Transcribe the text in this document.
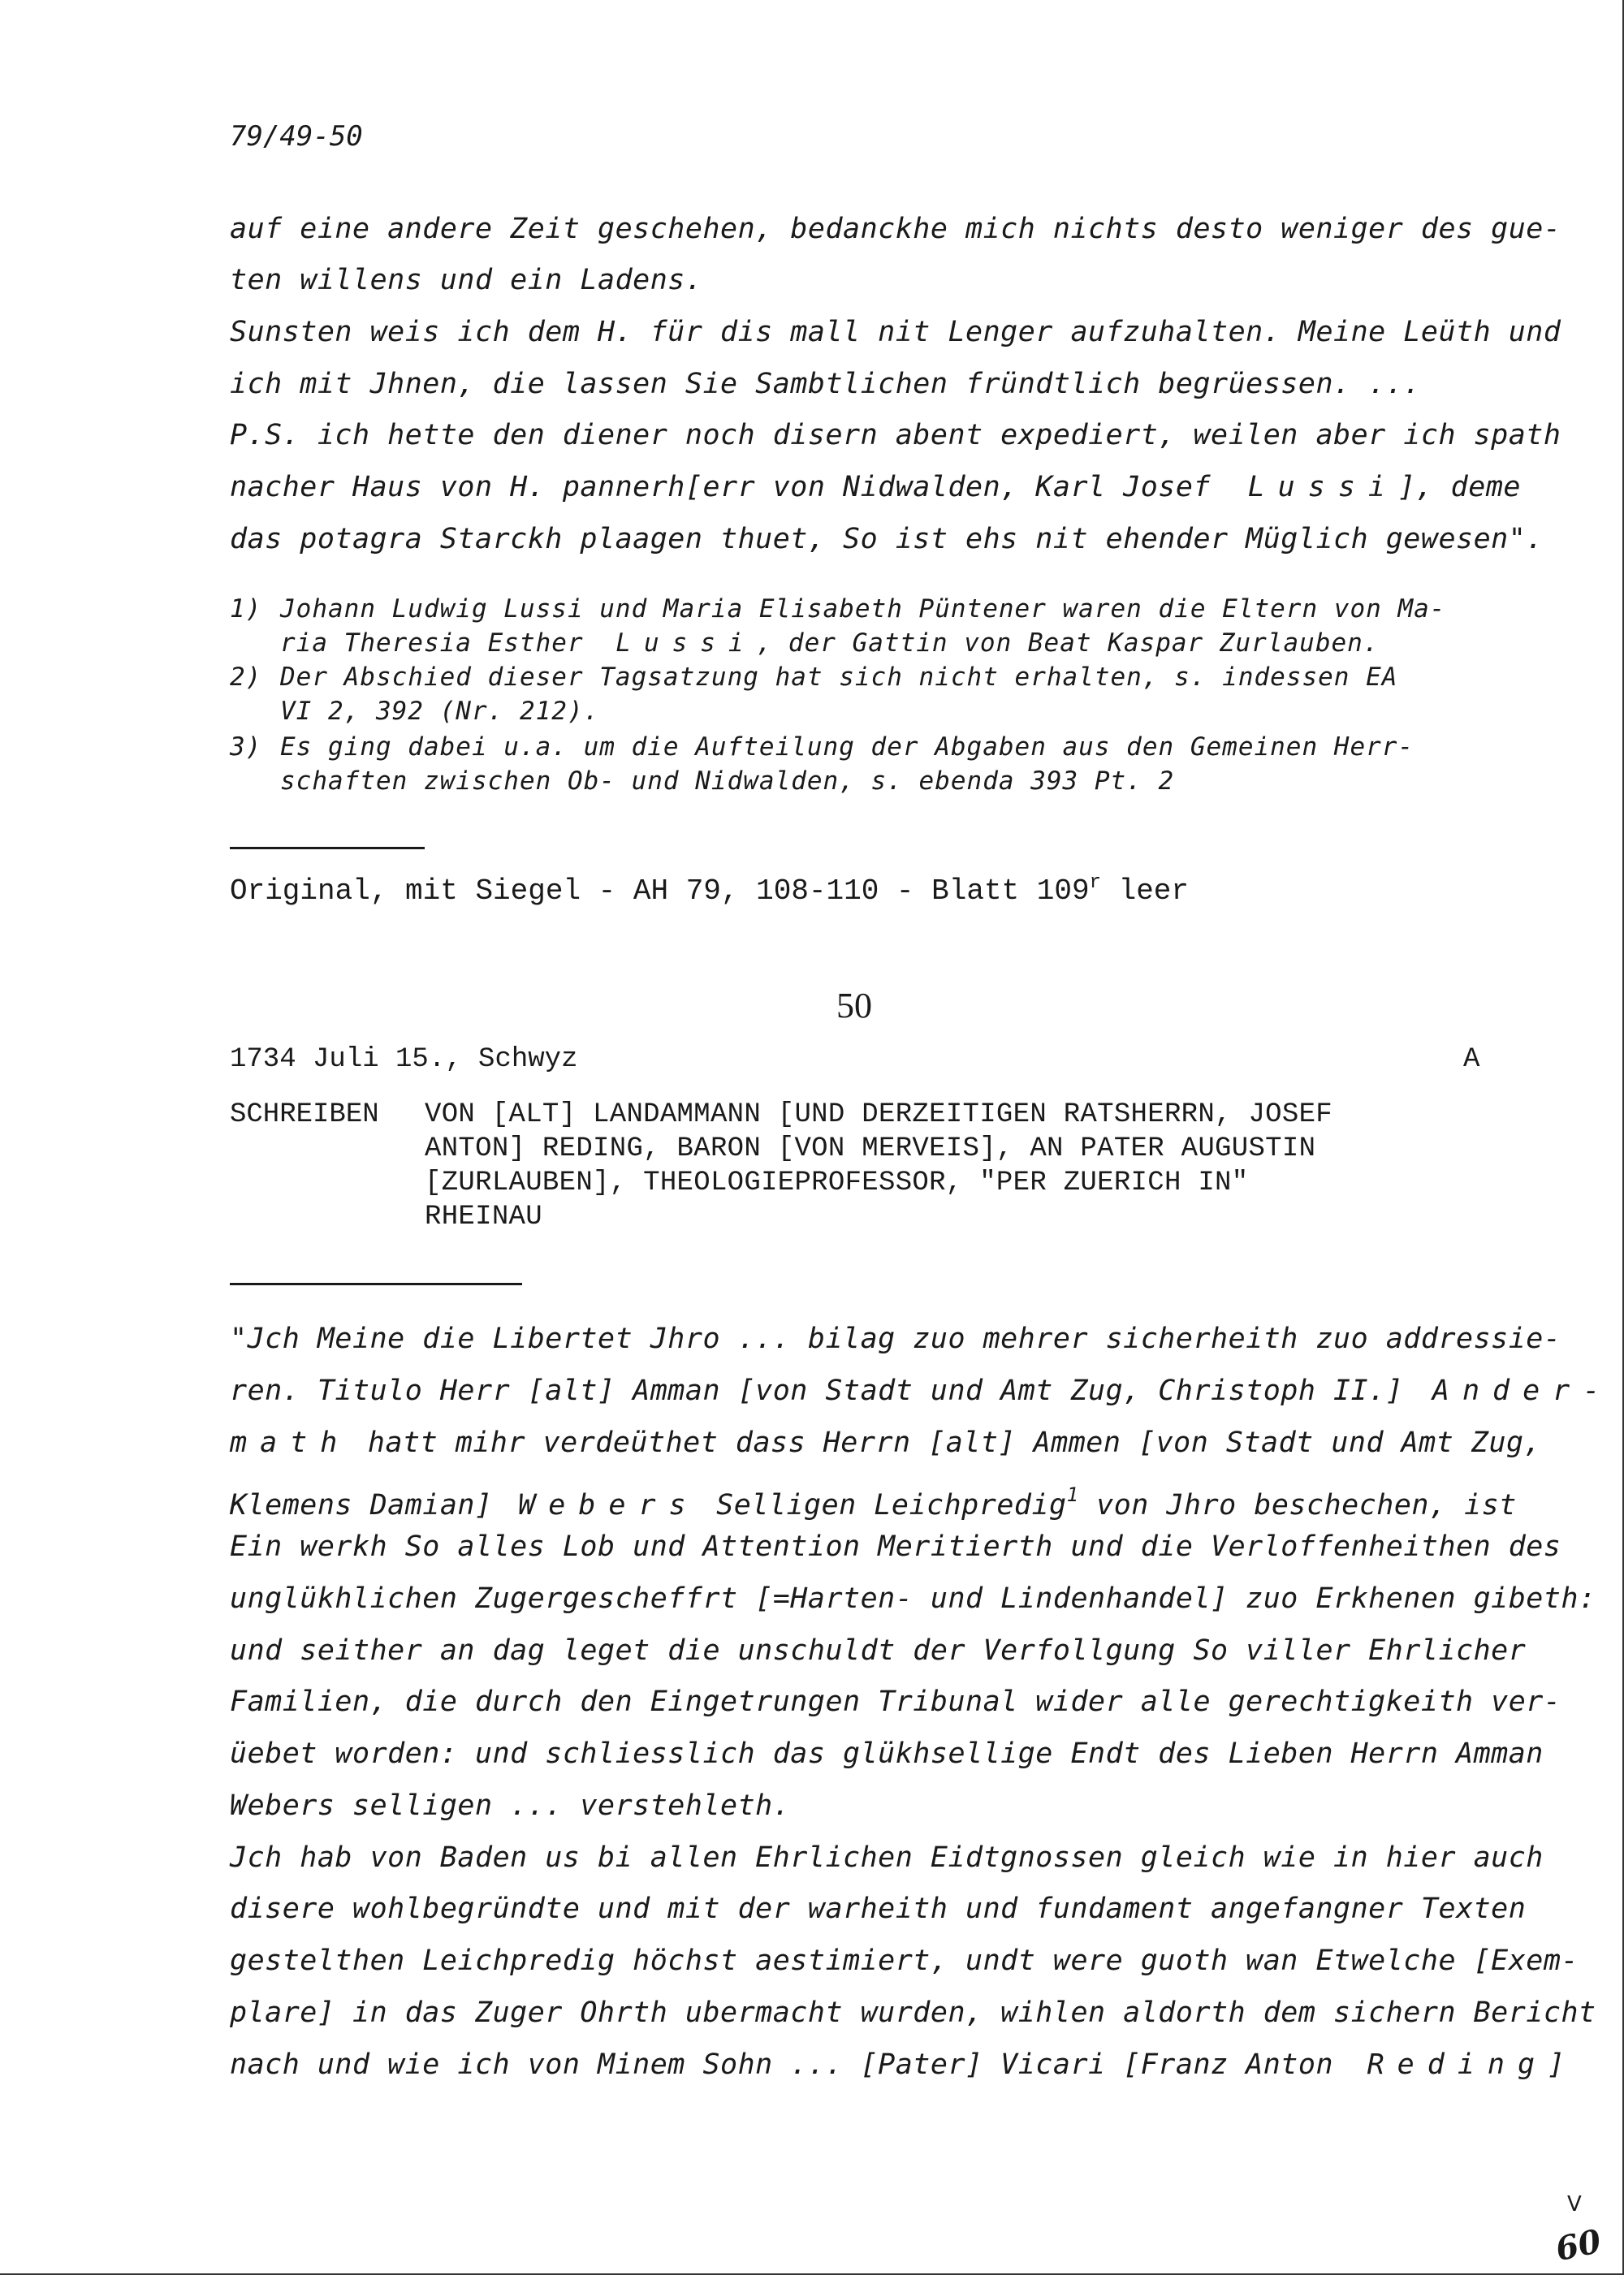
79/49-50
auf eine andere Zeit geschehen, bedanckhe mich nichts desto weniger des gue-
ten willens und ein Ladens.
Sunsten weis ich dem H. für dis mall nit Lenger aufzuhalten. Meine Leüth und
ich mit Jhnen, die lassen Sie Sambtlichen fründtlich begrüessen. ...
P.S. ich hette den diener noch disern abent expediert, weilen aber ich spath
nacher Haus von H. pannerh[err von Nidwalden, Karl Josef Lussi], deme
das potagra Starckh plaagen thuet, So ist ehs nit ehender Müglich gewesen".
1) Johann Ludwig Lussi und Maria Elisabeth Püntener waren die Eltern von Ma-
ria Theresia Esther Lussi, der Gattin von Beat Kaspar Zurlauben.
2) Der Abschied dieser Tagsatzung hat sich nicht erhalten, s. indessen EA
VI 2, 392 (Nr. 212).
3) Es ging dabei u.a. um die Aufteilung der Abgaben aus den Gemeinen Herr-
schaften zwischen Ob- und Nidwalden, s. ebenda 393 Pt. 2
Original, mit Siegel - AH 79, 108-110 - Blatt 109$^r$ leer
50
1734 Juli 15., Schwyz	A
SCHREIBEN VON [ALT] LANDAMMANN [UND DERZEITIGEN RATSHERRN, JOSEF
ANTON] REDING, BARON [VON MERVEIS], AN PATER AUGUSTIN
[ZURLAUBEN], THEOLOGIEPROFESSOR, "PER ZUERICH IN"
RHEINAU
"Jch Meine die Libertet Jhro ... bilag zuo mehrer sicherheith zuo addressie-
ren. Titulo Herr [alt] Amman [von Stadt und Amt Zug, Christoph II.] Ander-
math hatt mihr verdeüthet dass Herrn [alt] Ammen [von Stadt und Amt Zug,
Klemens Damian] Webers Selligen Leichpredig$^1$ von Jhro beschechen, ist
Ein werkh So alles Lob und Attention Meritierth und die Verloffenheithen des
unglükhlichen Zugergescheffrt [=Harten- und Lindenhandel] zuo Erkhenen gibeth:
und seither an dag leget die unschuldt der Verfollgung So viller Ehrlicher
Familien, die durch den Eingetrungen Tribunal wider alle gerechtigkeith ver-
üebet worden: und schliesslich das glükhsellige Endt des Lieben Herrn Amman
Webers selligen ... verstehleth.
Jch hab von Baden us bi allen Ehrlichen Eidtgnossen gleich wie in hier auch
disere wohlbegründte und mit der warheith und fundament angefangner Texten
gestelthen Leichpredig höchst aestimiert, undt were guoth wan Etwelche [Exem-
plare] in das Zuger Ohrth ubermacht wurden, wihlen aldorth dem sichern Bericht
nach und wie ich von Minem Sohn ... [Pater] Vicari [Franz Anton Reding]
V
60
